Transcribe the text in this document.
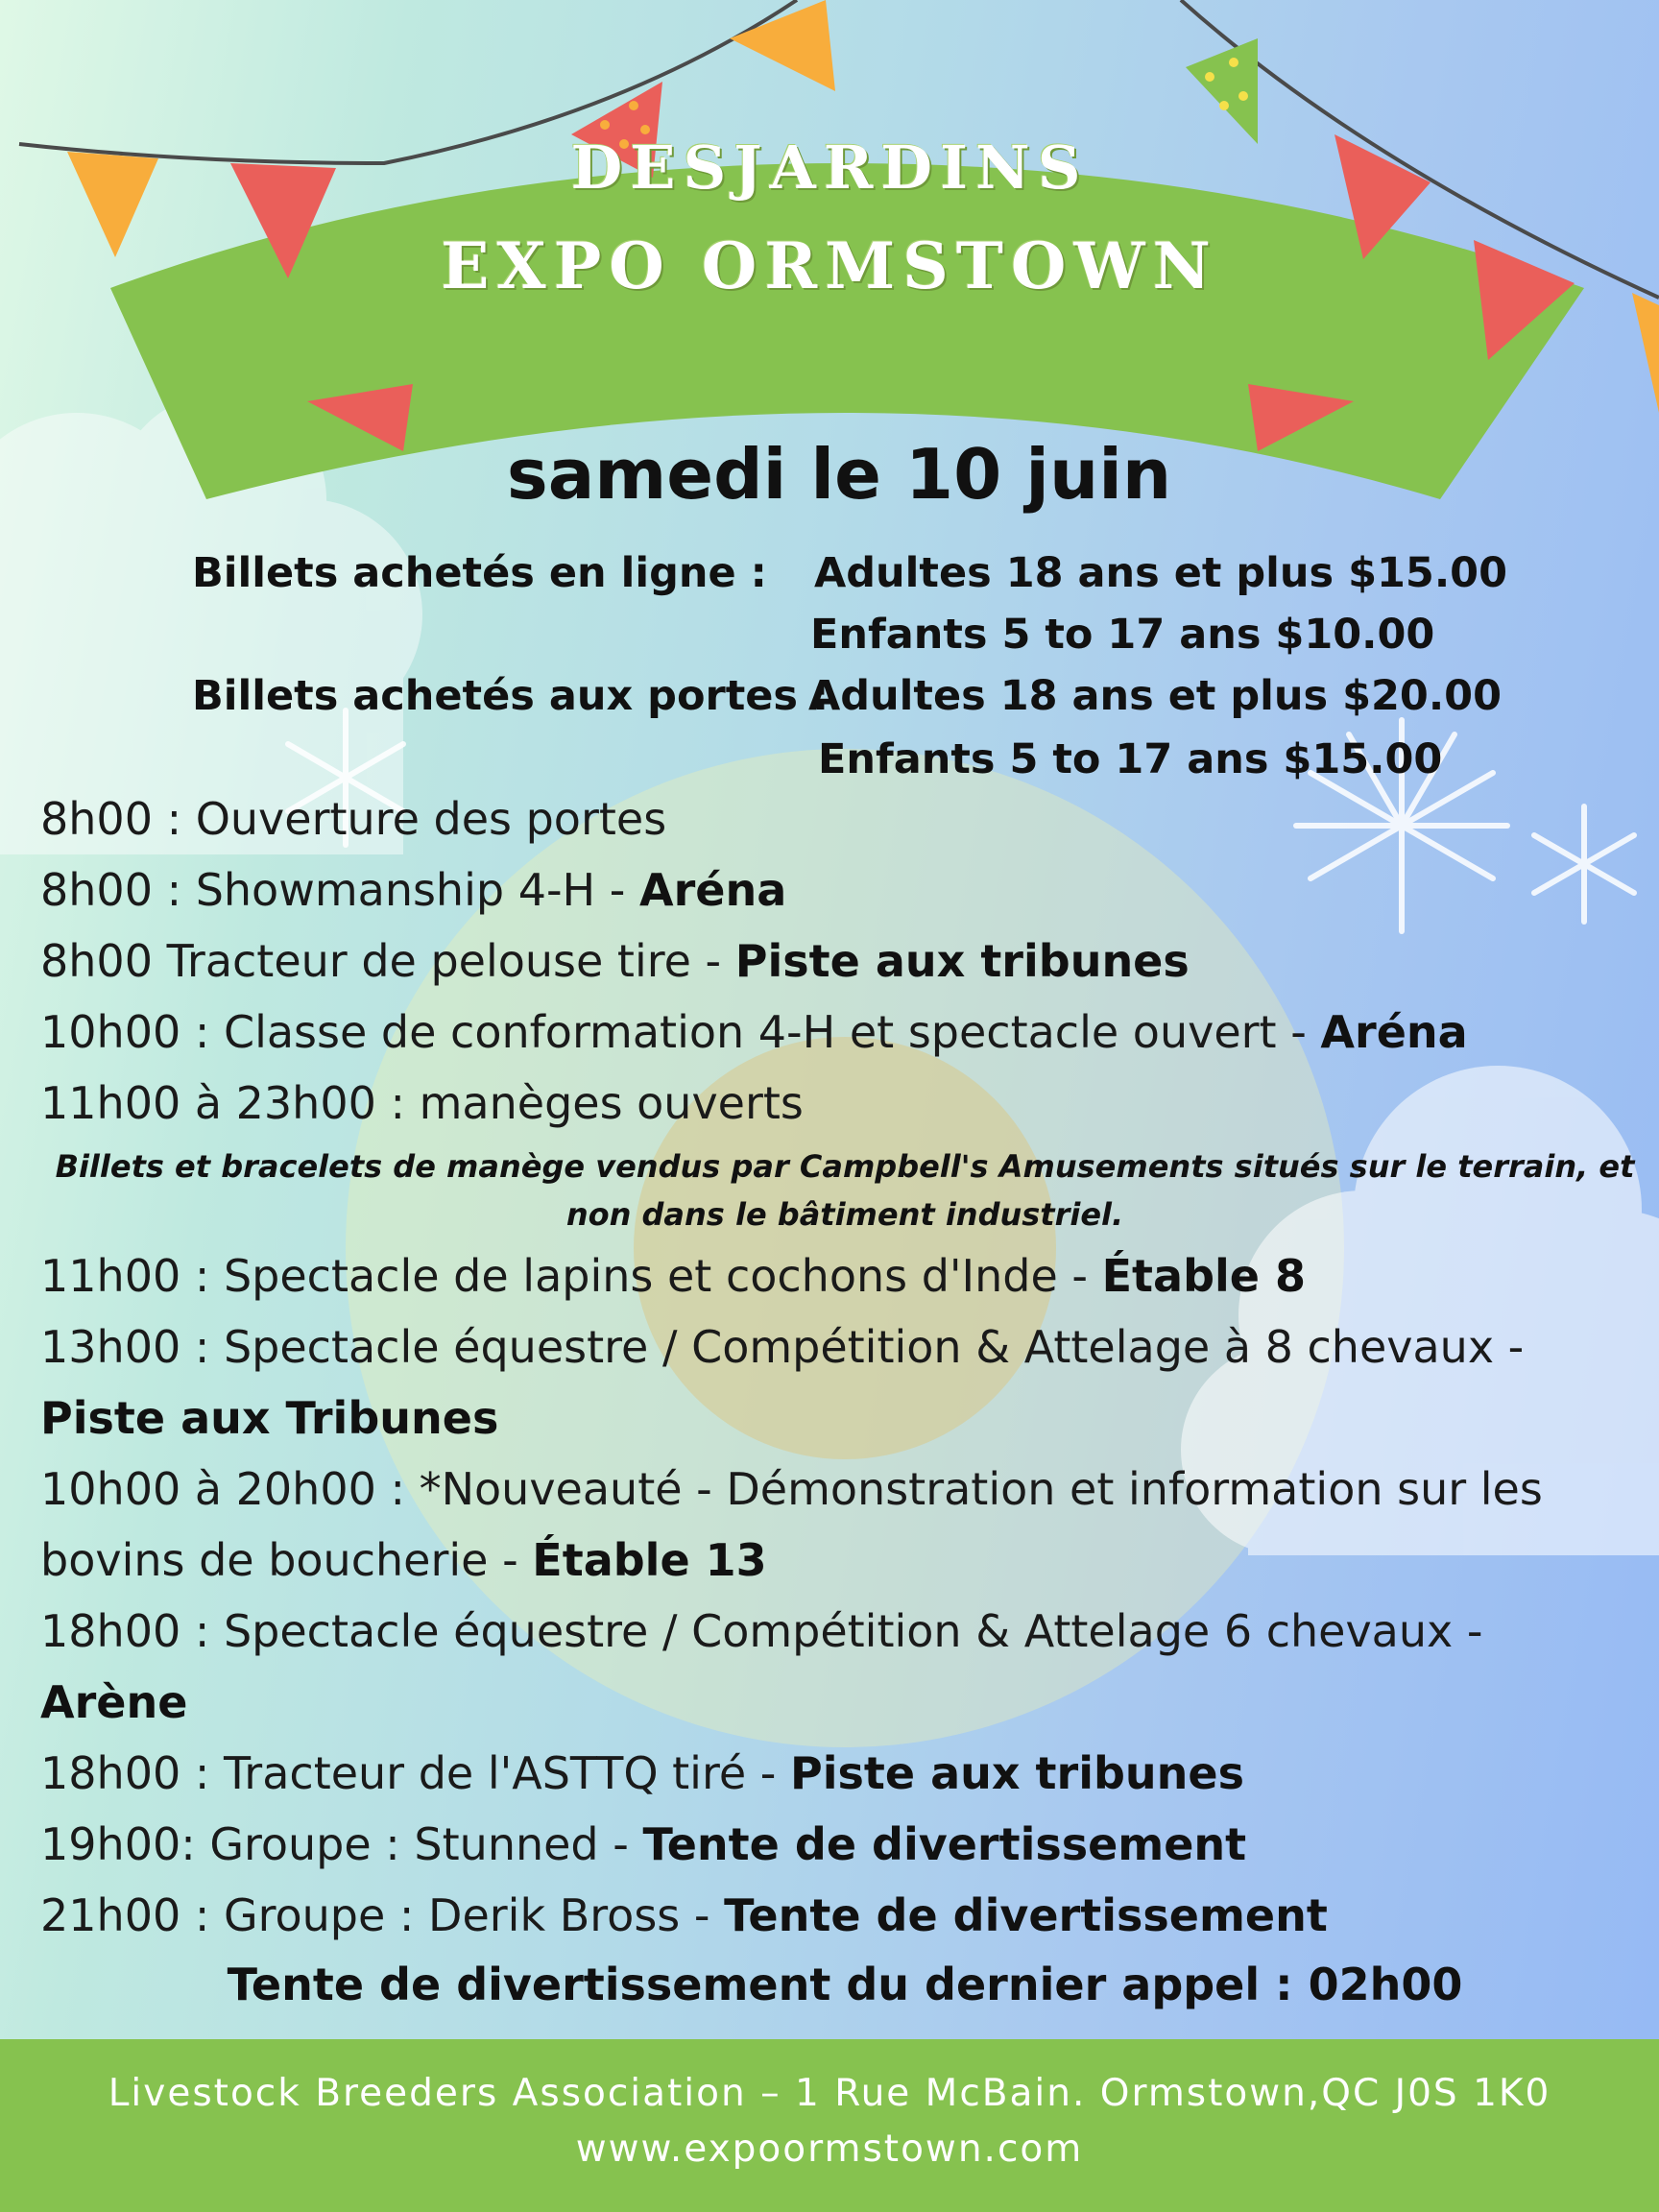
DESJARDINS
EXPO ORMSTOWN
samedi le 10 juin
Billets achetés en ligne : Adultes 18 ans et plus $15.00
Enfants 5 to 17 ans $10.00
Billets achetés aux portes :
Adultes 18 ans et plus $20.00
Enfants 5 to 17 ans $15.00
8h00 : Ouverture des portes
8h00 : Showmanship 4-H - Aréna
8h00 Tracteur de pelouse tire - Piste aux tribunes
10h00 : Classe de conformation 4-H et spectacle ouvert - Aréna
11h00 à 23h00 : manèges ouverts
Billets et bracelets de manège vendus par Campbell's Amusements situés sur le terrain, et
non dans le bâtiment industriel.
11h00 : Spectacle de lapins et cochons d'Inde - Étable 8
13h00 : Spectacle équestre / Compétition & Attelage à 8 chevaux -
Piste aux Tribunes
10h00 à 20h00 : *Nouveauté - Démonstration et information sur les
bovins de boucherie - Étable 13
18h00 : Spectacle équestre / Compétition & Attelage 6 chevaux -
Arène
18h00 : Tracteur de l'ASTTQ tiré - Piste aux tribunes
19h00: Groupe : Stunned - Tente de divertissement
21h00 : Groupe : Derik Bross - Tente de divertissement
Tente de divertissement du dernier appel : 02h00
Livestock Breeders Association – 1 Rue McBain. Ormstown,QC J0S 1K0
www.expoormstown.com
